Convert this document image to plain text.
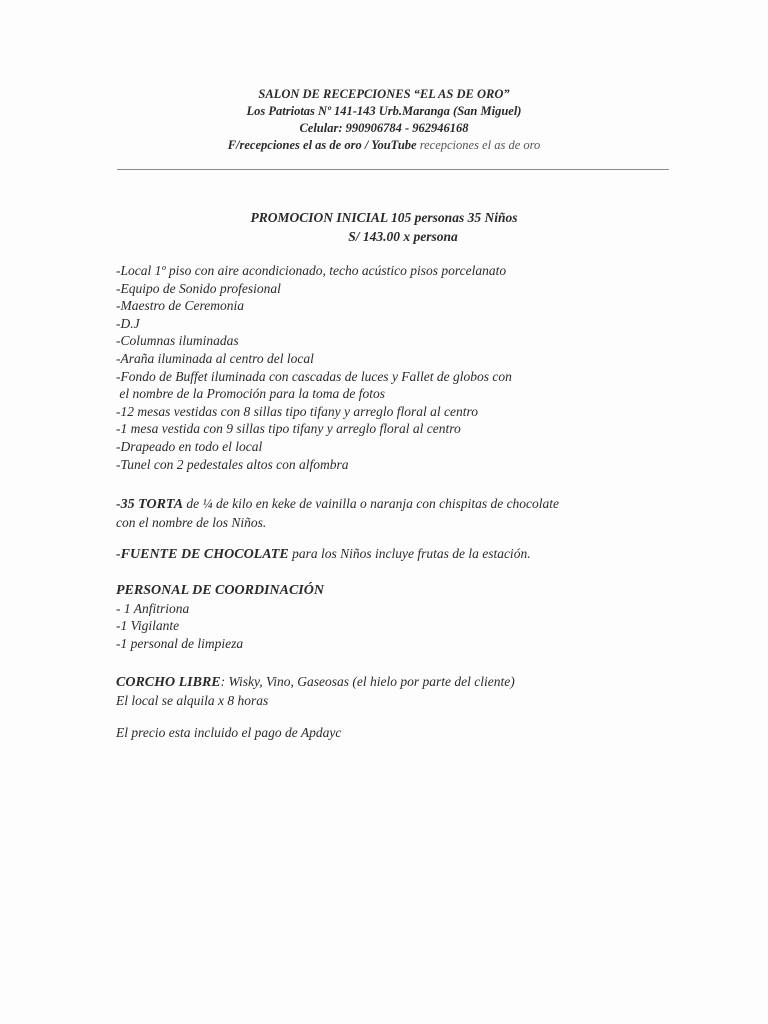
SALON DE RECEPCIONES “EL AS DE ORO”
Los Patriotas Nº 141-143 Urb.Maranga (San Miguel)
Celular: 990906784 - 962946168
F/recepciones el as de oro / YouTube recepciones el as de oro
PROMOCION INICIAL 105 personas 35 Niños
S/ 143.00 x persona
-Local 1º piso con aire acondicionado, techo acústico pisos porcelanato
-Equipo de Sonido profesional
-Maestro de Ceremonia
-D.J
-Columnas iluminadas
-Araña iluminada al centro del local
-Fondo de Buffet iluminada con cascadas de luces y Fallet de globos con
el nombre de la Promoción para la toma de fotos
-12 mesas vestidas con 8 sillas tipo tifany y arreglo floral al centro
-1 mesa vestida con 9 sillas tipo tifany y arreglo floral al centro
-Drapeado en todo el local
-Tunel con 2 pedestales altos con alfombra
-35 TORTA de ¼ de kilo en keke de vainilla o naranja con chispitas de chocolate
con el nombre de los Niños.
-FUENTE DE CHOCOLATE para los Niños incluye frutas de la estación.
PERSONAL DE COORDINACIÓN
- 1 Anfitriona
-1 Vigilante
-1 personal de limpieza
CORCHO LIBRE: Wisky, Vino, Gaseosas (el hielo por parte del cliente)
El local se alquila x 8 horas
El precio esta incluido el pago de Apdayc
